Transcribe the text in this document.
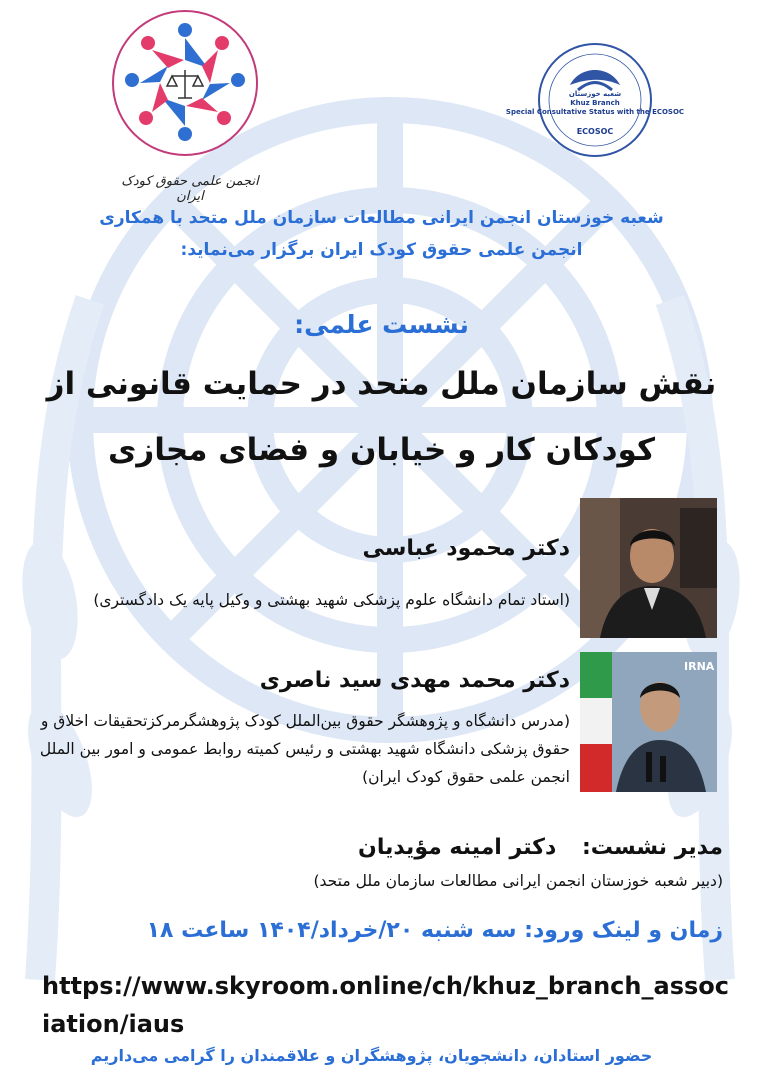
انجمن علمی حقوق کودک ایران
شعبه خوزستان
Khuz Branch
Special Consultative Status with the ECOSOC
ECOSOC
شعبه خوزستان انجمن ایرانی مطالعات سازمان ملل متحد با همکاری
انجمن علمی حقوق کودک ایران برگزار می‌نماید:
نشست علمی:
نقش سازمان ملل متحد در حمایت قانونی از
کودکان کار و خیابان و فضای مجازی
دکتر محمود عباسی
(استاد تمام دانشگاه علوم پزشکی شهید بهشتی و وکیل پایه یک دادگستری)
IRNA
دکتر محمد مهدی سید ناصری
(مدرس دانشگاه و پژوهشگر حقوق بین‌الملل کودک پژوهشگرمرکزتحقیقات اخلاق و حقوق پزشکی دانشگاه شهید بهشتی و رئیس کمیته روابط عمومی و امور بین الملل انجمن علمی حقوق کودک ایران)
مدیر نشست: دکتر امینه مؤیدیان
(دبیر شعبه خوزستان انجمن ایرانی مطالعات سازمان ملل متحد)
زمان و لینک ورود: سه شنبه ۲۰/خرداد/۱۴۰۴ ساعت ۱۸
https://www.skyroom.online/ch/khuz_branch_association/iaus
حضور استادان، دانشجویان، پژوهشگران و علاقمندان را گرامی می‌داریم
